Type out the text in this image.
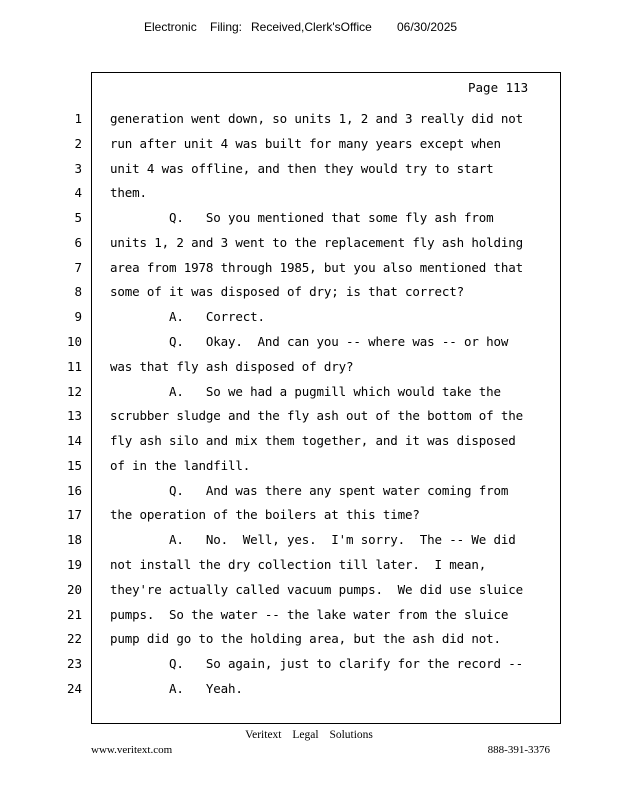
Electronic Filing: Received,Clerk'sOffice 06/30/2025
Page 113
1 generation went down, so units 1, 2 and 3 really did not
2 run after unit 4 was built for many years except when
3 unit 4 was offline, and then they would try to start
4 them.
5 Q.   So you mentioned that some fly ash from
6 units 1, 2 and 3 went to the replacement fly ash holding
7 area from 1978 through 1985, but you also mentioned that
8 some of it was disposed of dry; is that correct?
9 A.   Correct.
10 Q.   Okay.  And can you -- where was -- or how
11 was that fly ash disposed of dry?
12 A.   So we had a pugmill which would take the
13 scrubber sludge and the fly ash out of the bottom of the
14 fly ash silo and mix them together, and it was disposed
15 of in the landfill.
16 Q.   And was there any spent water coming from
17 the operation of the boilers at this time?
18 A.   No.  Well, yes.  I'm sorry.  The -- We did
19 not install the dry collection till later.  I mean,
20 they're actually called vacuum pumps.  We did use sluice
21 pumps.  So the water -- the lake water from the sluice
22 pump did go to the holding area, but the ash did not.
23 Q.   So again, just to clarify for the record --
24 A.   Yeah.
Veritext Legal Solutions
www.veritext.com	888-391-3376
